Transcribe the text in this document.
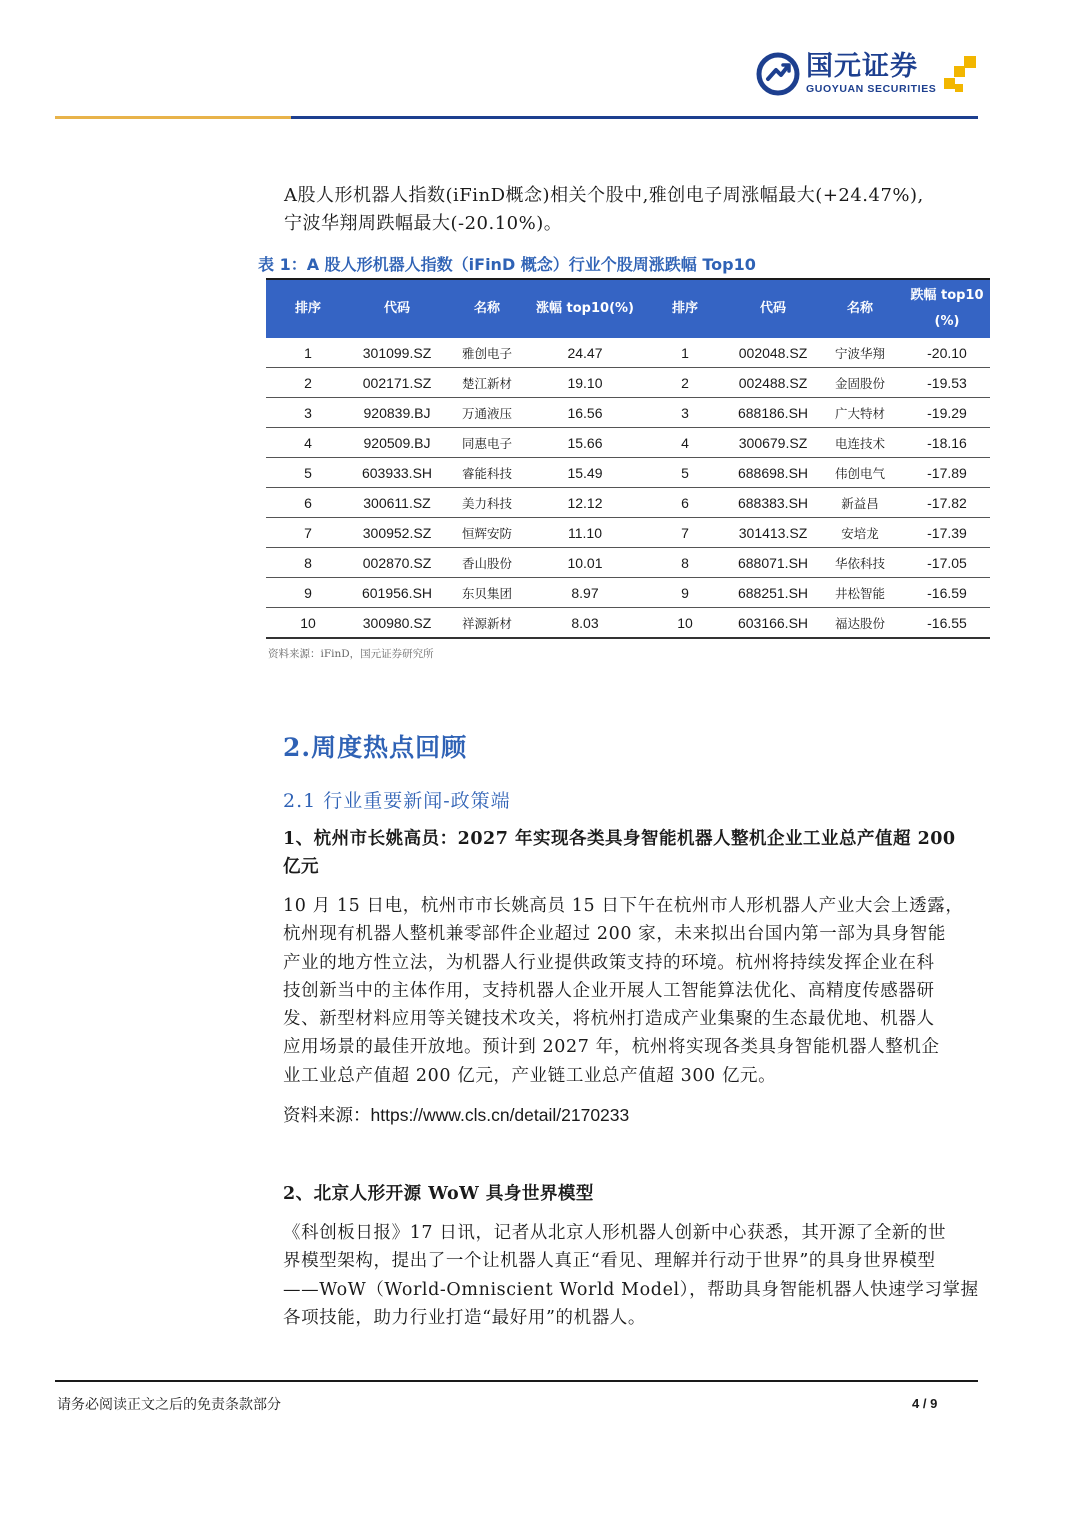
国元证券
GUOYUAN SECURITIES

A股人形机器人指数(iFinD概念)相关个股中,雅创电子周涨幅最大(+24.47%),

宁波华翔周跌幅最大(-20.10%)。

表 1：A 股人形机器人指数（iFinD 概念）行业个股周涨跌幅 Top10
排序	代码	名称	涨幅 top10(%)	排序	代码	名称	跌幅 top10
(%)
1	301099.SZ	雅创电子	24.47	1	002048.SZ	宁波华翔	-20.10
2	002171.SZ	楚江新材	19.10	2	002488.SZ	金固股份	-19.53
3	920839.BJ	万通液压	16.56	3	688186.SH	广大特材	-19.29
4	920509.BJ	同惠电子	15.66	4	300679.SZ	电连技术	-18.16
5	603933.SH	睿能科技	15.49	5	688698.SH	伟创电气	-17.89
6	300611.SZ	美力科技	12.12	6	688383.SH	新益昌	-17.82
7	300952.SZ	恒辉安防	11.10	7	301413.SZ	安培龙	-17.39
8	002870.SZ	香山股份	10.01	8	688071.SH	华依科技	-17.05
9	601956.SH	东贝集团	8.97	9	688251.SH	井松智能	-16.59
10	300980.SZ	祥源新材	8.03	10	603166.SH	福达股份	-16.55
资料来源：iFinD，国元证券研究所
2.周度热点回顾
2.1 行业重要新闻-政策端
1、杭州市长姚高员：2027 年实现各类具身智能机器人整机企业工业总产值超 200
亿元
10 月 15 日电，杭州市市长姚高员 15 日下午在杭州市人形机器人产业大会上透露，
杭州现有机器人整机兼零部件企业超过 200 家，未来拟出台国内第一部为具身智能
产业的地方性立法，为机器人行业提供政策支持的环境。杭州将持续发挥企业在科
技创新当中的主体作用，支持机器人企业开展人工智能算法优化、高精度传感器研
发、新型材料应用等关键技术攻关，将杭州打造成产业集聚的生态最优地、机器人
应用场景的最佳开放地。预计到 2027 年，杭州将实现各类具身智能机器人整机企
业工业总产值超 200 亿元，产业链工业总产值超 300 亿元。
资料来源：https://www.cls.cn/detail/2170233
2、北京人形开源 WoW 具身世界模型
《科创板日报》17 日讯，记者从北京人形机器人创新中心获悉，其开源了全新的世
界模型架构，提出了一个让机器人真正“看见、理解并行动于世界”的具身世界模型
——WoW（World-Omniscient World Model），帮助具身智能机器人快速学习掌握
各项技能，助力行业打造“最好用”的机器人。
请务必阅读正文之后的免责条款部分	4 / 9
